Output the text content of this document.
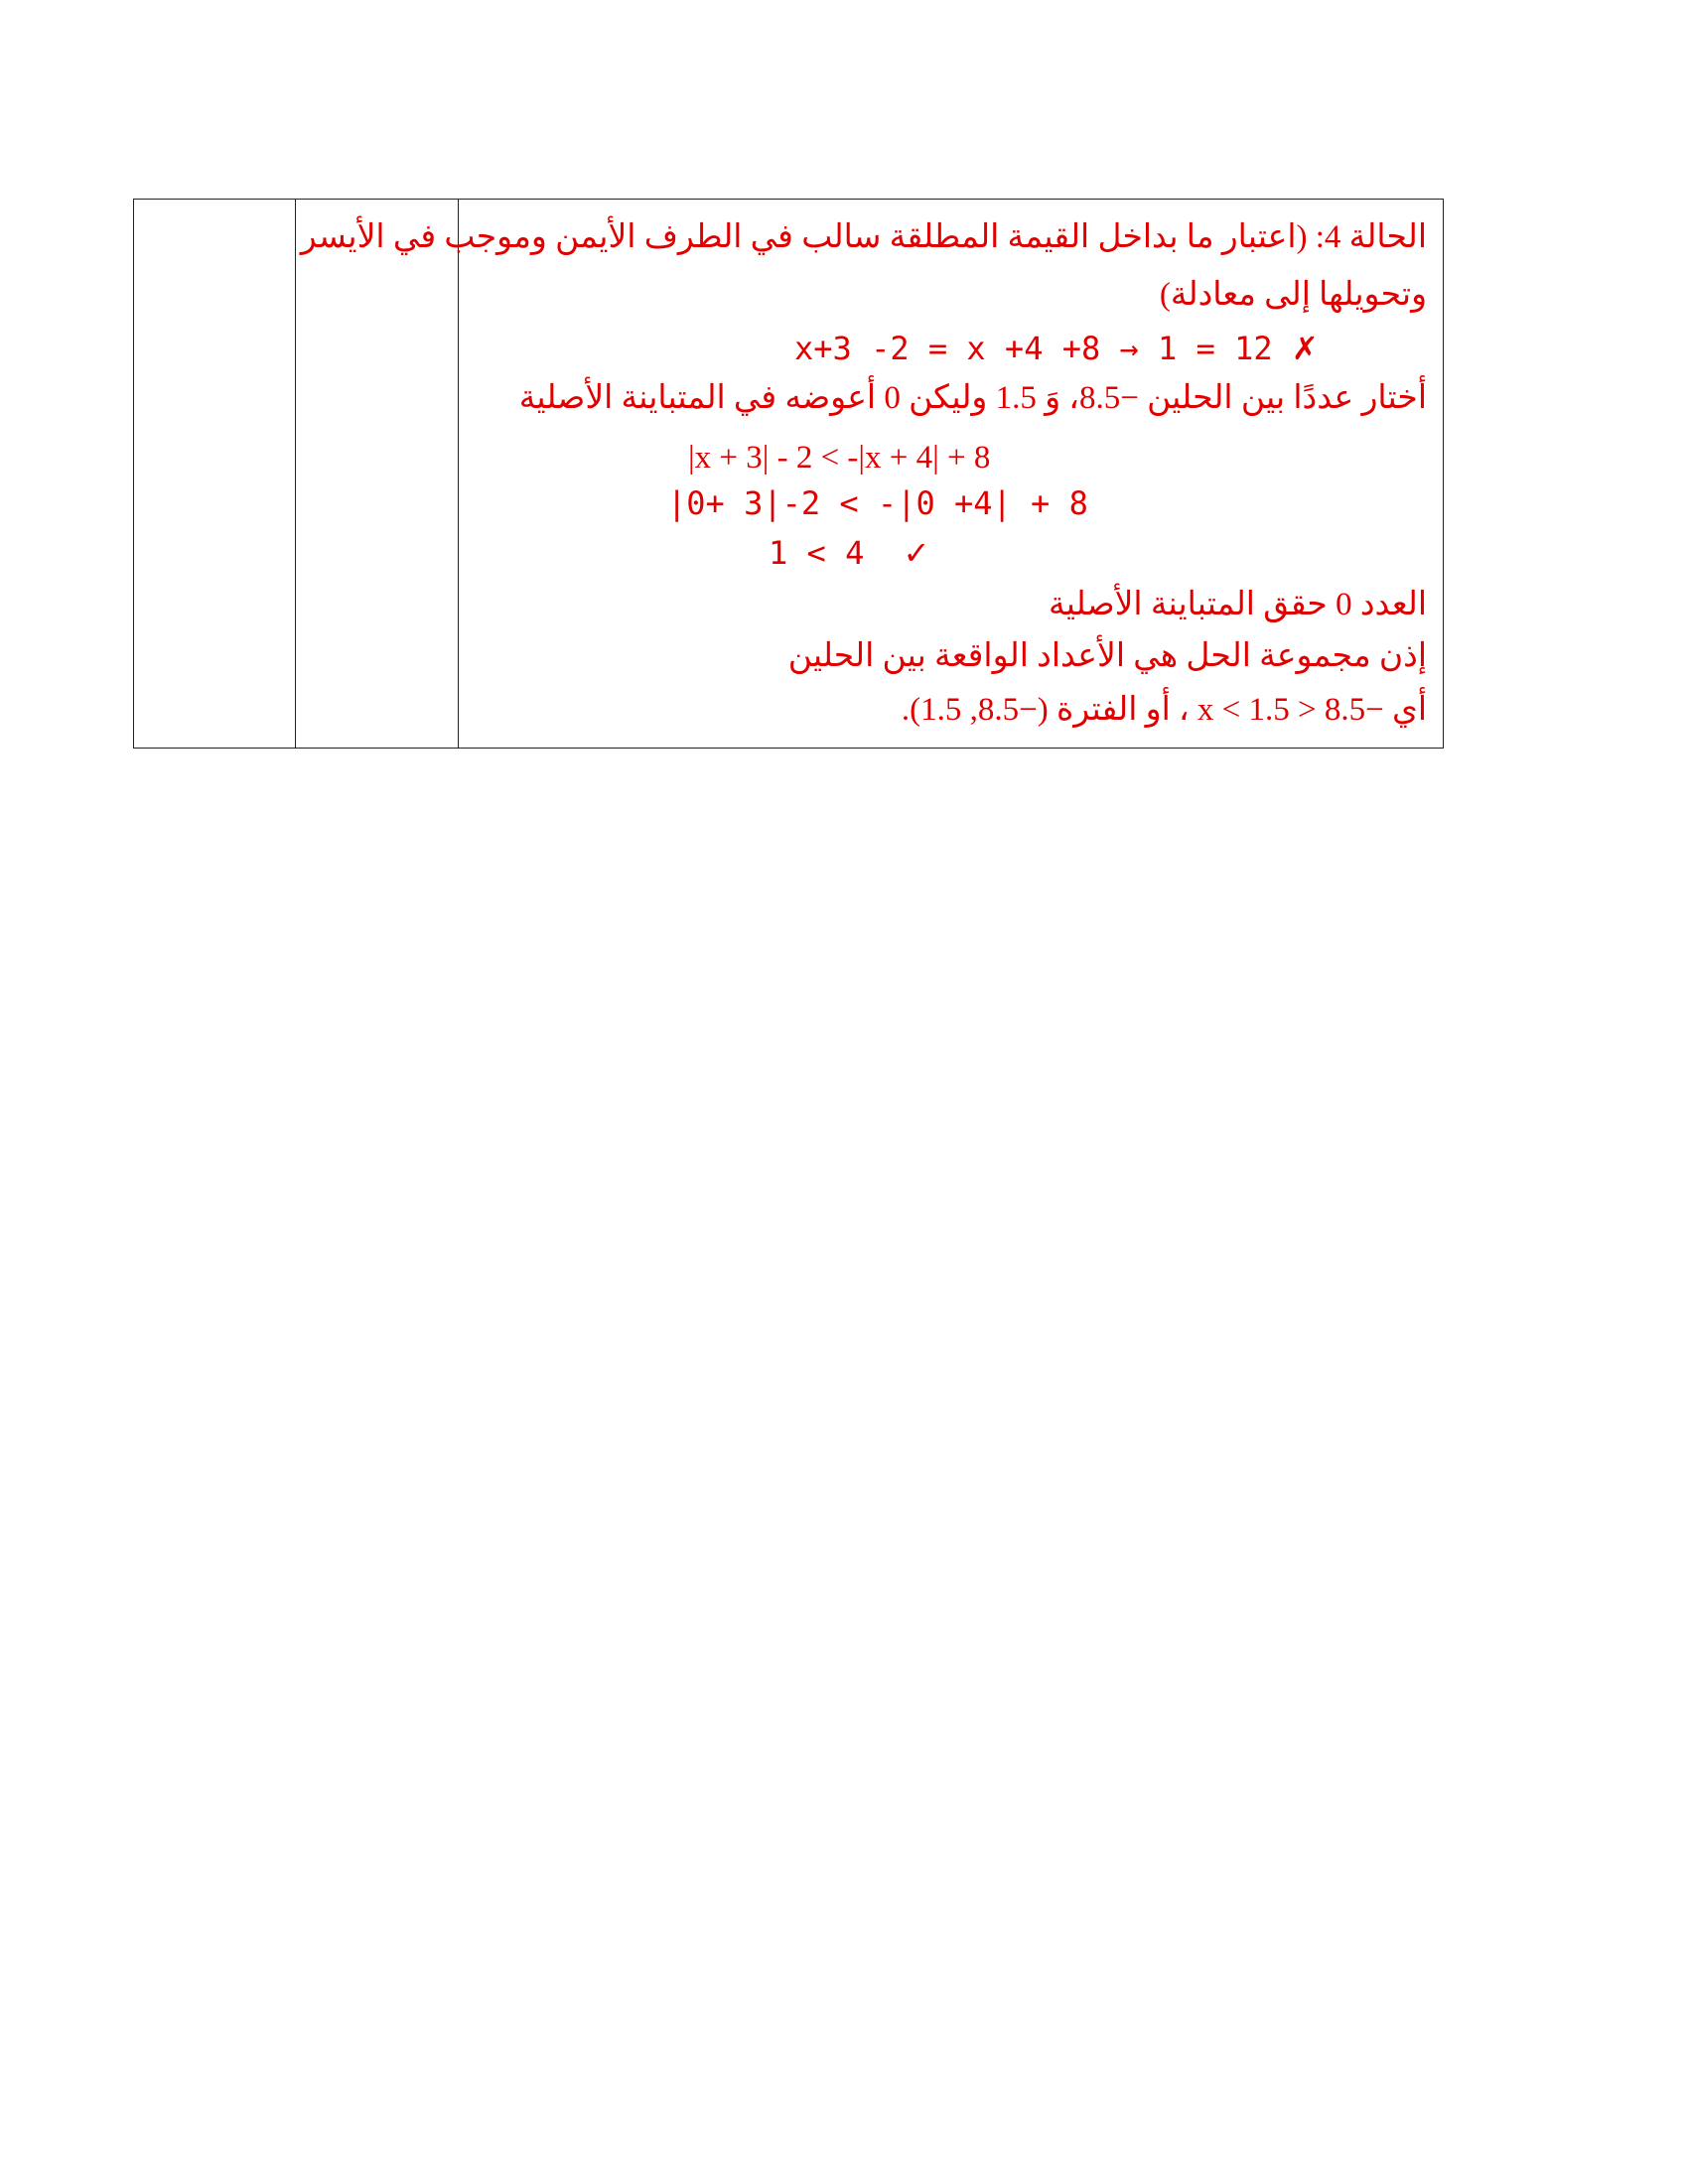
الحالة 4: (اعتبار ما بداخل القيمة المطلقة سالب في الطرف الأيمن وموجب في الأيسر
وتحويلها إلى معادلة)
x+3 -2 = x +4 +8 → 1 = 12 ✗
أختار عددًا بين الحلين −8.5، وَ 1.5 وليكن 0 أعوضه في المتباينة الأصلية
|x + 3| - 2 < -|x + 4| + 8
|0+ 3|-2 < -|0 +4| + 8
1 < 4 ✓
العدد 0 حقق المتباينة الأصلية
إذن مجموعة الحل هي الأعداد الواقعة بين الحلين
أي −8.5 < x < 1.5 ، أو الفترة (−8.5, 1.5).
